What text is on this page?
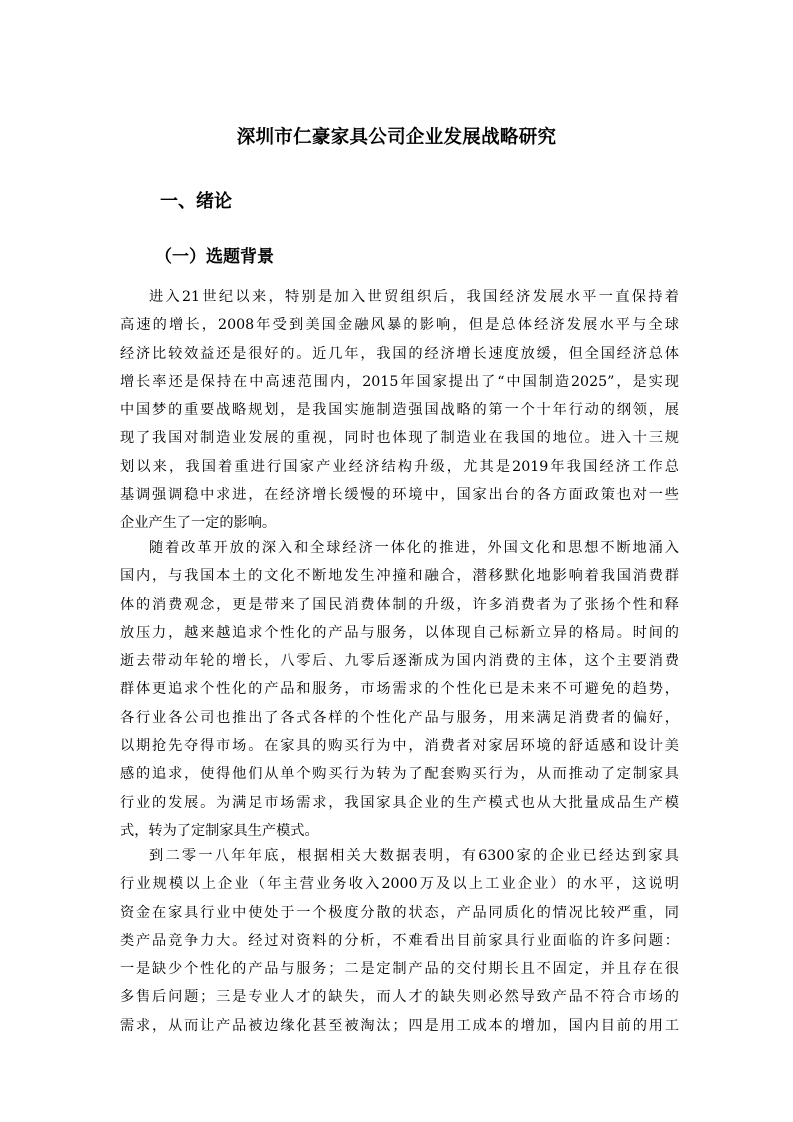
深圳市仁豪家具公司企业发展战略研究
一、绪论
（一）选题背景
进入21世纪以来，特别是加入世贸组织后，我国经济发展水平一直保持着
高速的增长，2008年受到美国金融风暴的影响，但是总体经济发展水平与全球
经济比较效益还是很好的。近几年，我国的经济增长速度放缓，但全国经济总体
增长率还是保持在中高速范围内，2015年国家提出了“中国制造2025”，是实现
中国梦的重要战略规划，是我国实施制造强国战略的第一个十年行动的纲领，展
现了我国对制造业发展的重视，同时也体现了制造业在我国的地位。进入十三规
划以来，我国着重进行国家产业经济结构升级，尤其是2019年我国经济工作总
基调强调稳中求进，在经济增长缓慢的环境中，国家出台的各方面政策也对一些
企业产生了一定的影响。
随着改革开放的深入和全球经济一体化的推进，外国文化和思想不断地涌入
国内，与我国本土的文化不断地发生冲撞和融合，潜移默化地影响着我国消费群
体的消费观念，更是带来了国民消费体制的升级，许多消费者为了张扬个性和释
放压力，越来越追求个性化的产品与服务，以体现自己标新立异的格局。时间的
逝去带动年轮的增长，八零后、九零后逐渐成为国内消费的主体，这个主要消费
群体更追求个性化的产品和服务，市场需求的个性化已是未来不可避免的趋势，
各行业各公司也推出了各式各样的个性化产品与服务，用来满足消费者的偏好，
以期抢先夺得市场。在家具的购买行为中，消费者对家居环境的舒适感和设计美
感的追求，使得他们从单个购买行为转为了配套购买行为，从而推动了定制家具
行业的发展。为满足市场需求，我国家具企业的生产模式也从大批量成品生产模
式，转为了定制家具生产模式。
到二零一八年年底，根据相关大数据表明，有6300家的企业已经达到家具
行业规模以上企业（年主营业务收入2000万及以上工业企业）的水平，这说明
资金在家具行业中使处于一个极度分散的状态，产品同质化的情况比较严重，同
类产品竞争力大。经过对资料的分析，不难看出目前家具行业面临的许多问题：
一是缺少个性化的产品与服务；二是定制产品的交付期长且不固定，并且存在很
多售后问题；三是专业人才的缺失，而人才的缺失则必然导致产品不符合市场的
需求，从而让产品被边缘化甚至被淘汰；四是用工成本的增加，国内目前的用工
